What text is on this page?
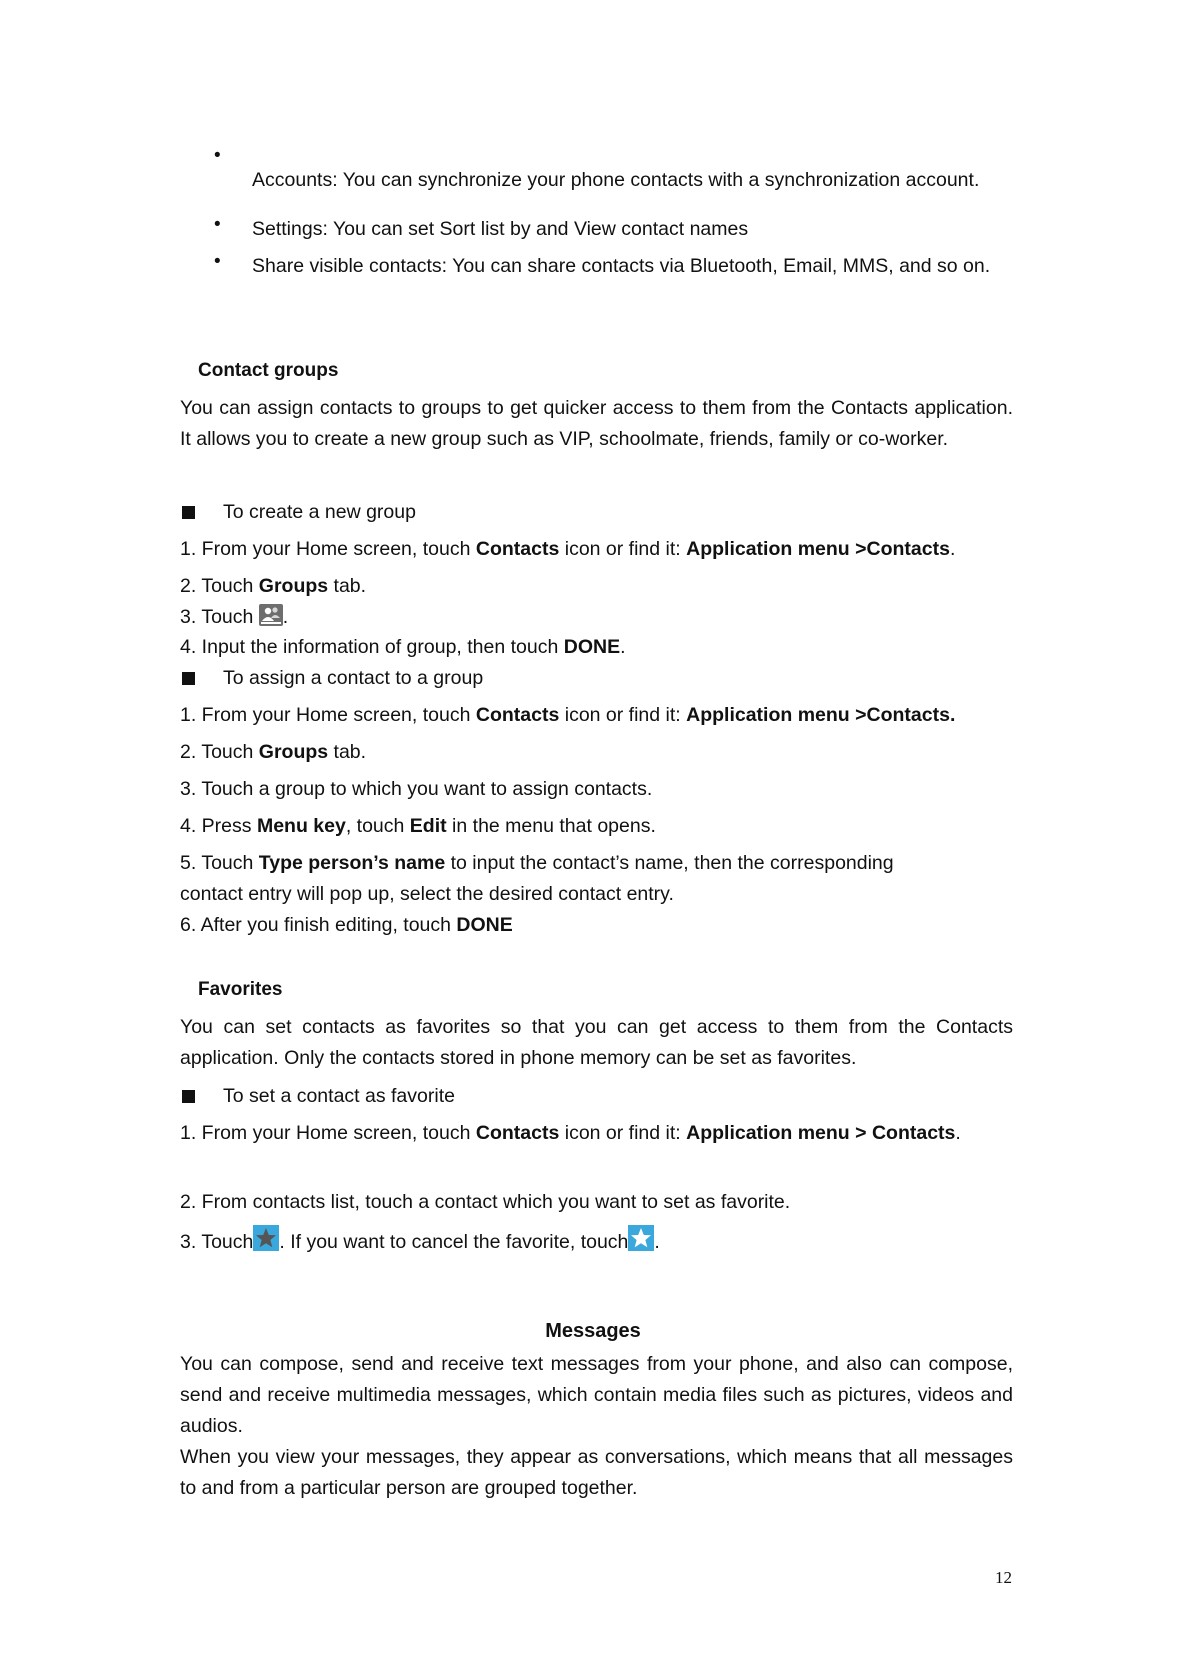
•

Accounts: You can synchronize your phone contacts with a synchronization account.

• Settings: You can set Sort list by and View contact names

• Share visible contacts: You can share contacts via Bluetooth, Email, MMS, and so on.

Contact groups

You can assign contacts to groups to get quicker access to them from the Contacts application. It allows you to create a new group such as VIP, schoolmate, friends, family or co-worker.

To create a new group

1. From your Home screen, touch Contacts icon or find it: Application menu >Contacts.

2. Touch Groups tab.

3. Touch .

4. Input the information of group, then touch DONE.

To assign a contact to a group

1. From your Home screen, touch Contacts icon or find it: Application menu >Contacts.

2. Touch Groups tab.

3. Touch a group to which you want to assign contacts.

4. Press Menu key, touch Edit in the menu that opens.

5. Touch Type person’s name to input the contact’s name, then the corresponding
contact entry will pop up, select the desired contact entry.

6. After you finish editing, touch DONE

Favorites

You can set contacts as favorites so that you can get access to them from the Contacts application. Only the contacts stored in phone memory can be set as favorites.

To set a contact as favorite

1. From your Home screen, touch Contacts icon or find it: Application menu > Contacts.

2. From contacts list, touch a contact which you want to set as favorite.

3. Touch . If you want to cancel the favorite, touch .

Messages

You can compose, send and receive text messages from your phone, and also can compose, send and receive multimedia messages, which contain media files such as pictures, videos and audios.

When you view your messages, they appear as conversations, which means that all messages to and from a particular person are grouped together.

12
